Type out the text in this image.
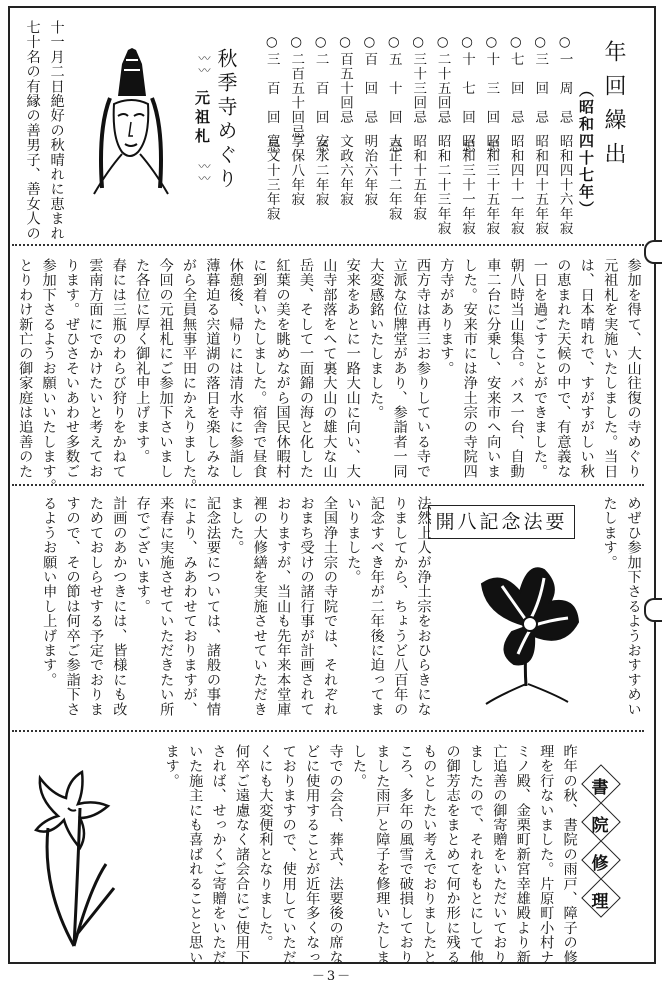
年回繰出
（昭和四十七年）
○
一　周　忌
昭和四十六年寂
○
三　回　忌
昭和四十五年寂
○
七　回　忌
昭和四十一年寂
○
十　三　回　忌
昭和三十五年寂
○
十　七　回　忌
昭和三十一年寂
○
二十五回忌
昭和二十三年寂
○
三十三回忌
昭和十五年寂
○
五　十　回　忌
大正十二年寂
○
百　回　忌
明治六年寂
○
百五十回忌
文政六年寂
○
二　百　回　忌
安永二年寂
○
二百五十回忌
享保八年寂
○
三　百　回　忌
寛文十三年寂
秋季寺めぐり
〰〰
元祖札
〰〰
十一月二日絶好の秋晴れに恵まれ
七十名の有縁の善男子、善女人の
参加を得て、大山往復の寺めぐり
元祖札を実施いたしました。当日
は、日本晴れで、すがすがしい秋
の恵まれた天候の中で、有意義な
一日を過ごすことができました。
朝八時当山集合。バス一台、自動
車二台に分乗し、安来市へ向いま
した。安来市には浄土宗の寺院四
方寺があります。
西方寺は再三お参りしている寺で
立派な位牌堂があり、参詣者一同
大変感銘いたしました。
安来をあとに一路大山に向い、大
山寺部落をへて裏大山の雄大な山
岳美、そして一面錦の海と化した
紅葉の美を眺めながら国民休暇村
に到着いたしました。宿舎で昼食
休憩後、帰りには清水寺に参詣し
薄暮迫る宍道湖の落日を楽しみな
がら全員無事平田にかえりました。
今回の元祖札にご参加下さいまし
た各位に厚く御礼申上げます。
春には三瓶のわらび狩りをかねて
雲南方面にでかけたいと考えてお
ります。ぜひさそいあわせ多数ご
参加下さるようお願いいたします。
とりわけ新亡の御家庭は追善のた
めぜひ参加下さるようおすすめい
たします。
開八記念法要
法然上人が浄土宗をおひらきにな
りましてから、ちょうど八百年の
記念すべき年が二年後に迫ってま
いりました。
全国浄土宗の寺院では、それぞれ
おまち受けの諸行事が計画されて
おりますが、当山も先年来本堂庫
裡の大修繕を実施させていただき
ました。
記念法要については、諸般の事情
により、みあわせておりますが、
来春に実施させていただきたい所
存でございます。
計画のあかつきには、皆様にも改
ためておしらせする予定でおりま
すので、その節は何卒ご参詣下さ
るようお願い申し上げます。
書
院
修
理
昨年の秋、書院の雨戸、障子の修
理を行ないました。片原町小村ナ
ミノ殿、金栗町新宮幸雄殿より新
亡追善の御寄贈をいただいており
ましたので、それをもとにして他
の御芳志をまとめて何か形に残る
ものとしたい考えでおりましたと
ころ、多年の風雪で破損しており
ました雨戸と障子を修理いたしま
した。
寺での会合、葬式、法要後の席な
どに使用することが近年多くなっ
ておりますので、使用していただ
くにも大変便利となりました。
何卒ご遠慮なく諸会合にご使用下
されば、せっかくご寄贈をいただ
いた施主にも喜ばれることと思い
ます。
－3－
